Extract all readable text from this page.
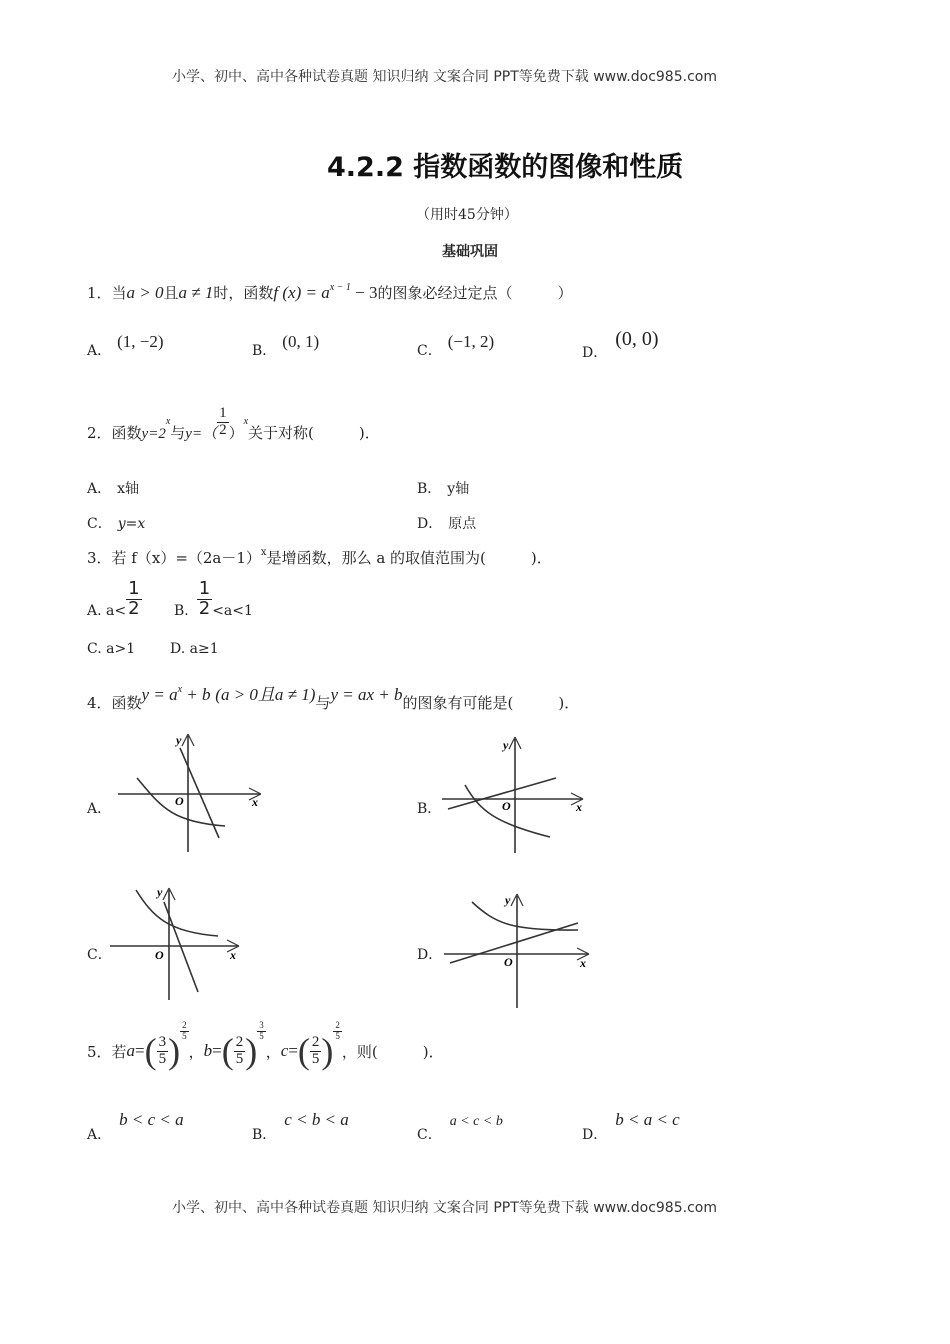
小学、初中、高中各种试卷真题 知识归纳 文案合同 PPT等免费下载 www.doc985.com
4.2.2 指数函数的图像和性质
（用时45分钟）
基础巩固
1．当a > 0且a ≠ 1时，函数f $(x) = a^{x - 1} - 3$的图象必经过定点（　　　）
A． (1, −2)	B． (0, 1)	C． (−1, 2)
D．(0, 0)
2．函数$y=2_x$与$y=( \frac{1}{2} )_x$关于对称(　　　)．
A． x轴	B． y轴
C． y=x	D． 原点
3．若 $f(x)=(2a-1)^x$是增函数，那么 a 的取值范围为(　　　)．
A. $a< \frac{1}{2} B$. $\frac{1}{2} <a<1$
C. a>1 D. a≥1
4．函数$y = a^x + b$ (a > 0且a ≠ 1)与y = ax + b的图象有可能是(　　　)．
A．	B．
C．	D．
y
x
O
y
x
O
y
x
O
y
x
O
5．若 a = ( $\frac{3}{5}$ ) $\frac{2}{5}$
， b = ( $\frac{2}{5}$ ) $\frac{3}{5}$
， c = ( $\frac{2}{5}$ ) $\frac{2}{5}$
，则(　　　)．
A．b < c < a
B．c < b < a
C．a < c < b
D．b < a < c
小学、初中、高中各种试卷真题 知识归纳 文案合同 PPT等免费下载 www.doc985.com
